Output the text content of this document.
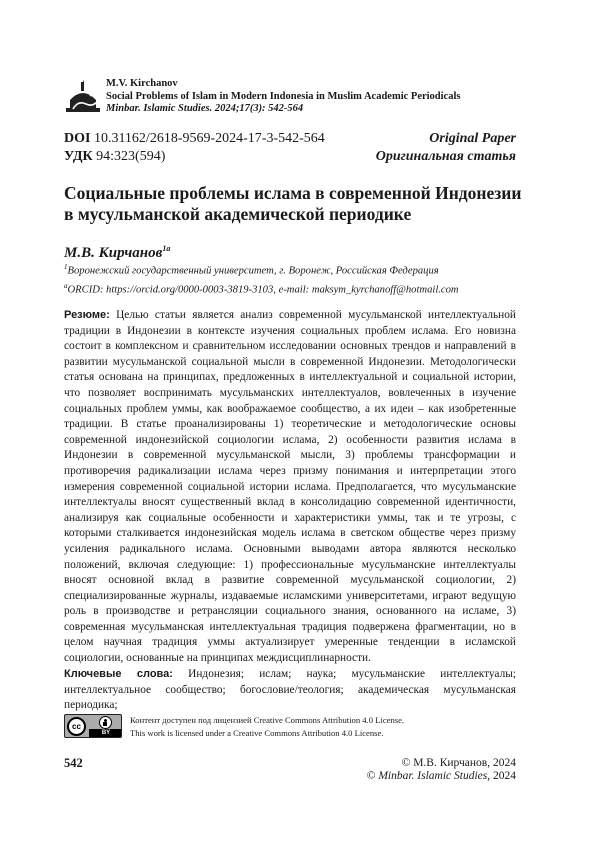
M.V. Kirchanov
Social Problems of Islam in Modern Indonesia in Muslim Academic Periodicals
Minbar. Islamic Studies. 2024;17(3): 542-564
DOI 10.31162/2618-9569-2024-17-3-542-564	Original Paper
УДК 94:323(594)	Оригинальная статья
Социальные проблемы ислама в современной Индонезии в мусульманской академической периодике
М.В. Кирчанов$^{1а}$
$^1$Воронежский государственный университет, г. Воронеж, Российская Федерация
$^а$ORCID: https://orcid.org/0000-0003-3819-3103, e-mail: maksym_kyrchanoff@hotmail.com

Резюме: Целью статьи является анализ современной мусульманской интеллектуальной традиции в Индонезии в контексте изучения социальных проблем ислама. Его новизна состоит в комплексном и сравнительном исследовании основных трендов и направлений в развитии мусульманской социальной мысли в современной Индонезии. Методологически статья основана на принципах, предложенных в интеллектуальной и социальной истории, что позволяет воспринимать мусульманских интеллектуалов, вовлеченных в изучение социальных проблем уммы, как воображаемое сообщество, а их идеи – как изобретенные традиции. В статье проанализированы 1) теоретические и методологические основы современной индонезийской социологии ислама, 2) особенности развития ислама в Индонезии в современной мусульманской мысли, 3) проблемы трансформации и противоречия радикализации ислама через призму понимания и интерпретации этого измерения современной социальной истории ислама. Предполагается, что мусульманские интеллектуалы вносят существенный вклад в консолидацию современной идентичности, анализируя как социальные особенности и характеристики уммы, так и те угрозы, с которыми сталкивается индонезийская модель ислама в светском обществе через призму усиления радикального ислама. Основными выводами автора являются несколько положений, включая следующие: 1) профессиональные мусульманские интеллектуалы вносят основной вклад в развитие современной мусульманской социологии, 2) специализированные журналы, издаваемые исламскими университетами, играют ведущую роль в производстве и ретрансляции социального знания, основанного на исламе, 3) современная мусульманская интеллектуальная традиция подвержена фрагментации, но в целом научная традиция уммы актуализирует умеренные тенденции в исламской социологии, основанные на принципах междисциплинарности.

Ключевые слова: Индонезия; ислам; наука; мусульманские интеллектуалы; интеллектуальное сообщество; богословие/теология; академическая мусульманская периодика;

cc
BY
Контент доступен под лицензией Creative Commons Attribution 4.0 License.
This work is licensed under a Creative Commons Attribution 4.0 License.
542	© М.В. Кирчанов, 2024
© Minbar. Islamic Studies, 2024
